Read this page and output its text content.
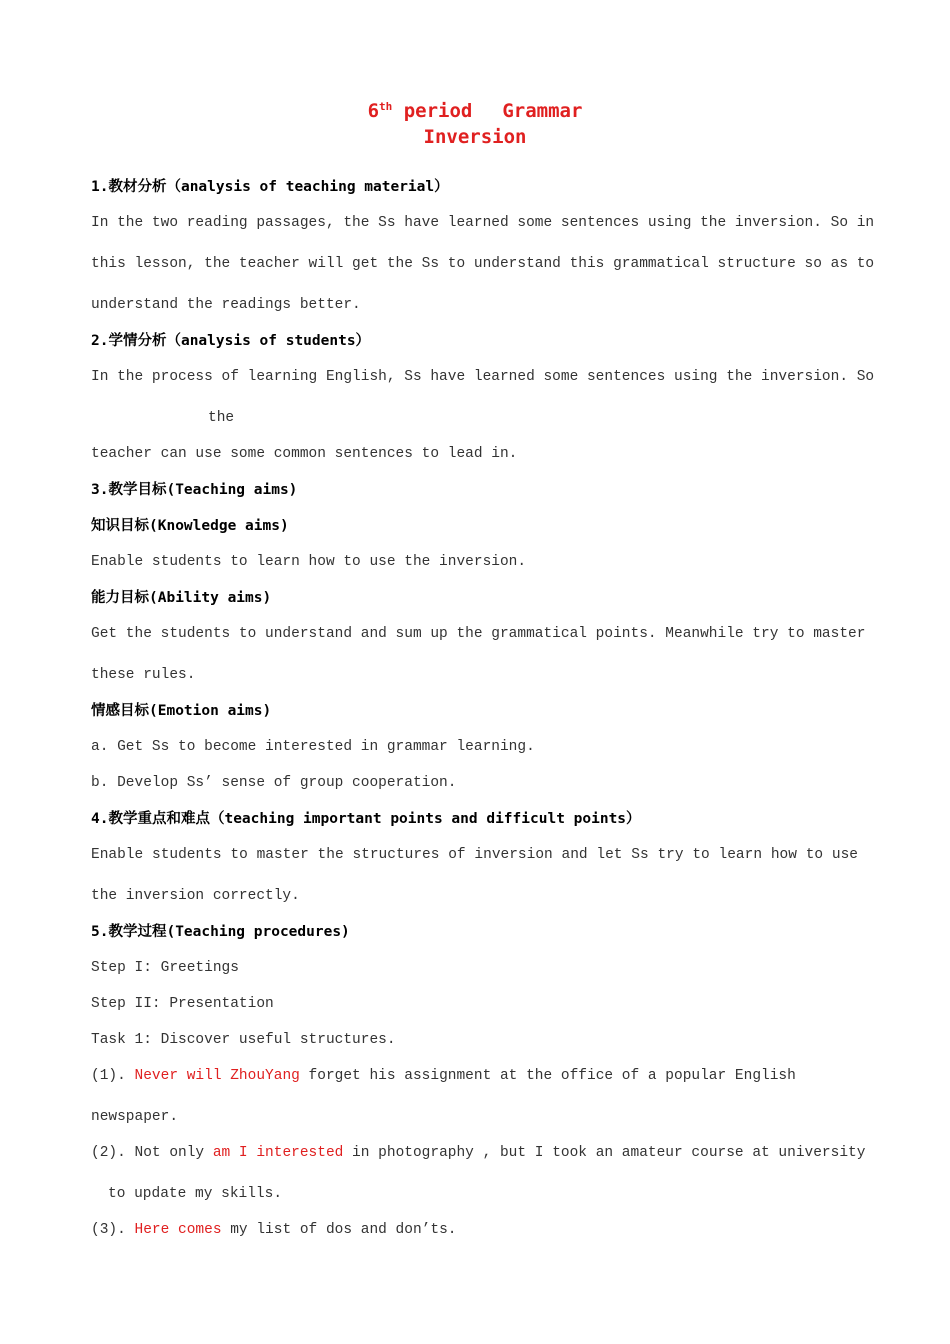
6th period Grammar
Inversion
1.教材分析（analysis of teaching material）
In the two reading passages, the Ss have learned some sentences using the inversion. So in
this lesson, the teacher will get the Ss to understand this grammatical structure so as to
understand the readings better.
2.学情分析（analysis of students）
In the process of learning English, Ss have learned some sentences using the inversion. So
the
teacher can use some common sentences to lead in.
3.教学目标(Teaching aims)
知识目标(Knowledge aims)
Enable students to learn how to use the inversion.
能力目标(Ability aims)
Get the students to understand and sum up the grammatical points. Meanwhile try to master
these rules.
情感目标(Emotion aims)
a. Get Ss to become interested in grammar learning.
b. Develop Ss’ sense of group cooperation.
4.教学重点和难点（teaching important points and difficult points）
Enable students to master the structures of inversion and let Ss try to learn how to use
the inversion correctly.
5.教学过程(Teaching procedures)
Step I: Greetings
Step II: Presentation
Task 1: Discover useful structures.
(1). Never will ZhouYang forget his assignment at the office of a popular English
newspaper.
(2). Not only am I interested in photography , but I took an amateur course at university
to update my skills.
(3). Here comes my list of dos and don’ts.
